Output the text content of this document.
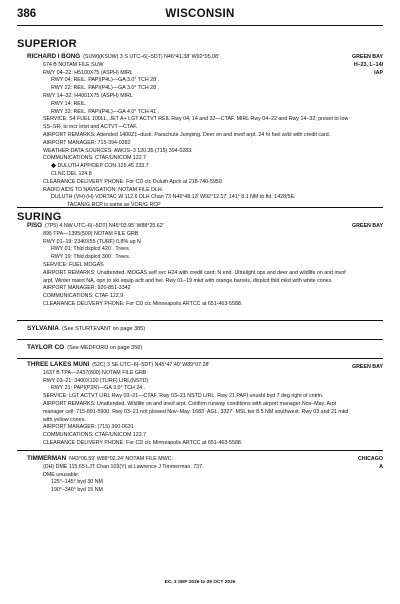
386	WISCONSIN
SUPERIOR
GREEN BAY
H–23, L–14I
IAP
RICHARD I BONG (SUW)(KSUW) 3 S UTC–6(–5DT) N46°41.38′ W92°05.08′
674 B NOTAM FILE SUW
RWY 04–22: H5100X75 (ASPH) MIRL
RWY 04: REIL. PAPI(P4L)—GA 3.0° TCH 28´.
RWY 22: REIL. PAPI(P4L)—GA 3.0° TCH 28´.
RWY 14–32: H4001X75 (ASPH) MIRL
RWY 14: REIL.
RWY 32: REIL. PAPI(P4L)—GA 4.0° TCH 41´.
SERVICE: S4 FUEL 100LL, JET A+ LGT ACTVT REIL Rwy 04, 14 and 32—CTAF. MIRL Rwy 04–22 and Rwy 14–32; preset to low SS–SR, to incr intst and ACTVT—CTAF.
AIRPORT REMARKS: Attended 1400Z‡–dusk. Parachute Jumping. Deer on and invof arpt. 24 hr fuel avbl with credit card.
AIRPORT MANAGER: 715-394-0282
WEATHER DATA SOURCES: AWOS–3 120.35 (715) 394-0283.
COMMUNICATIONS: CTAF/UNICOM 122.7
DULUTH APP/DEP CON 125.45 233.7
CLNC DEL 124.8
CLEARANCE DELIVERY PHONE: For CD ctc Duluth Apch at 218-740-5950.
RADIO AIDS TO NAVIGATION: NOTAM FILE DLH.
DULUTH (VH) (H) VORTAC W 112.6 DLH Chan 73 N46°48.13′ W92°12.17′ 141° 8.1 NM to fld. 1428/5E.
TACAN/G RCP is same as VOR/G RCP
SURING
GREEN BAY
PISO (7P5) 4 NW UTC–6(–5DT) N45°03.95′ W88°25.62′
895 TPA—1395(500) NOTAM FILE GRB
RWY 01–19: 2340X55 (TURF) 0.8% up N
RWY 01: Thld dsplcd 420´. Trees.
RWY 19: Thld dsplcd 300´. Trees.
SERVICE: FUEL MOGAS
AIRPORT REMARKS: Unattended. MOGAS self svc H24 with credit card; N end. Ultralight ops and deer and wildlife on and invof arpt. Winter maint NA, opn to ski equip acft and hel. Rwy 01–19 mkd with orange barrels, displcd thld mkd with white cones.
AIRPORT MANAGER: 920-851-3342
COMMUNICATIONS: CTAF 122.9
CLEARANCE DELIVERY PHONE: For CD ctc Minneapolis ARTCC at 651-463-5588.
SYLVANIA (See STURTEVANT on page 385)
TAYLOR CO (See MEDFORD on page 356)
GREEN BAY
THREE LAKES MUNI (52C) 3 SE UTC–6(–5DT) N45°47.40′ W89°07.28′
1637 B TPA—2437(800) NOTAM FILE GRB
RWY 03–21: 3400X120 (TURF) LIRL(NSTD)
RWY 21: PAPI(P2R)—GA 3.0° TCH 24´.
SERVICE: LGT ACTVT LIRL Rwy 03–21—CTAF. Rwy 03–21 NSTD LIRL. Rwy 21 PAPI unusbl byd 7 deg right of cntrln.
AIRPORT REMARKS: Unattended. Wildlife on and invof arpt. Confirm runway conditions with airport manager Nov–May. Arpt manager cell: 715-891-5900. Rwy 03–21 not plowed Nov–May. 1683´ AGL, 3327´ MSL twr 8.5 NM southwest. Rwy 03 and 21 mkd with yellow cones.
AIRPORT MANAGER: (715) 360-0631
COMMUNICATIONS: CTAF/UNICOM 122.7
CLEARANCE DELIVERY PHONE: For CD ctc Minneapolis ARTCC at 651-463-5588.
CHICAGO
A
TIMMERMAN N43°06.59′ W88°02.24′ NOTAM FILE MWC.
(DH) DME 115.65 LJT Chan 103(Y) at Lawrence J Timmerman. 737.
DME unusable:
125°–145° byd 30 NM
190°–340° byd 15 NM
EC, 3 SEP 2026 to 29 OCT 2026
